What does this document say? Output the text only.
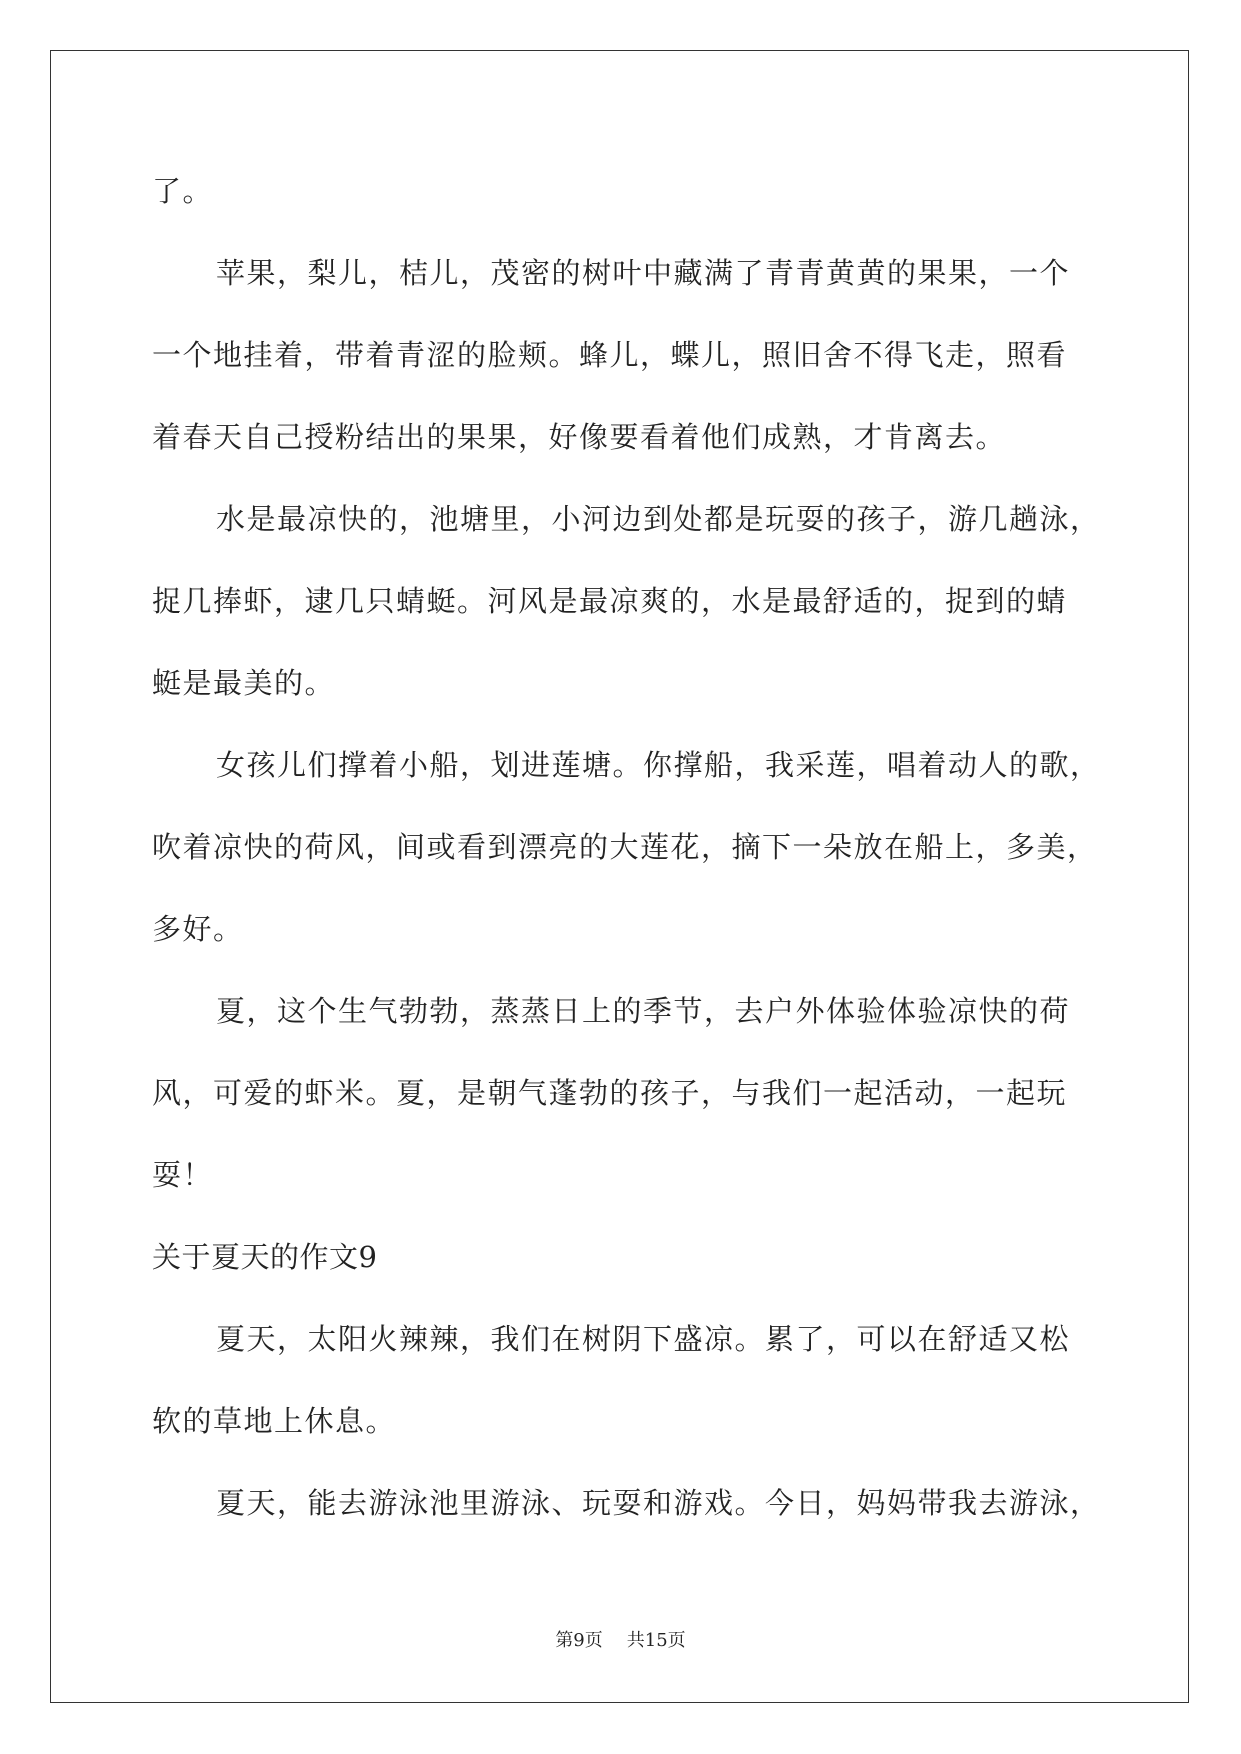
了。
苹果，梨儿，桔儿，茂密的树叶中藏满了青青黄黄的果果，一个
一个地挂着，带着青涩的脸颊。蜂儿，蝶儿，照旧舍不得飞走，照看
着春天自己授粉结出的果果，好像要看着他们成熟，才肯离去。
水是最凉快的，池塘里，小河边到处都是玩耍的孩子，游几趟泳，
捉几捧虾，逮几只蜻蜓。河风是最凉爽的，水是最舒适的，捉到的蜻
蜓是最美的。
女孩儿们撑着小船，划进莲塘。你撑船，我采莲，唱着动人的歌，
吹着凉快的荷风，间或看到漂亮的大莲花，摘下一朵放在船上，多美，
多好。
夏，这个生气勃勃，蒸蒸日上的季节，去户外体验体验凉快的荷
风，可爱的虾米。夏，是朝气蓬勃的孩子，与我们一起活动，一起玩
耍！
关于夏天的作文9
夏天，太阳火辣辣，我们在树阴下盛凉。累了，可以在舒适又松
软的草地上休息。
夏天，能去游泳池里游泳、玩耍和游戏。今日，妈妈带我去游泳，
第9页 共15页
